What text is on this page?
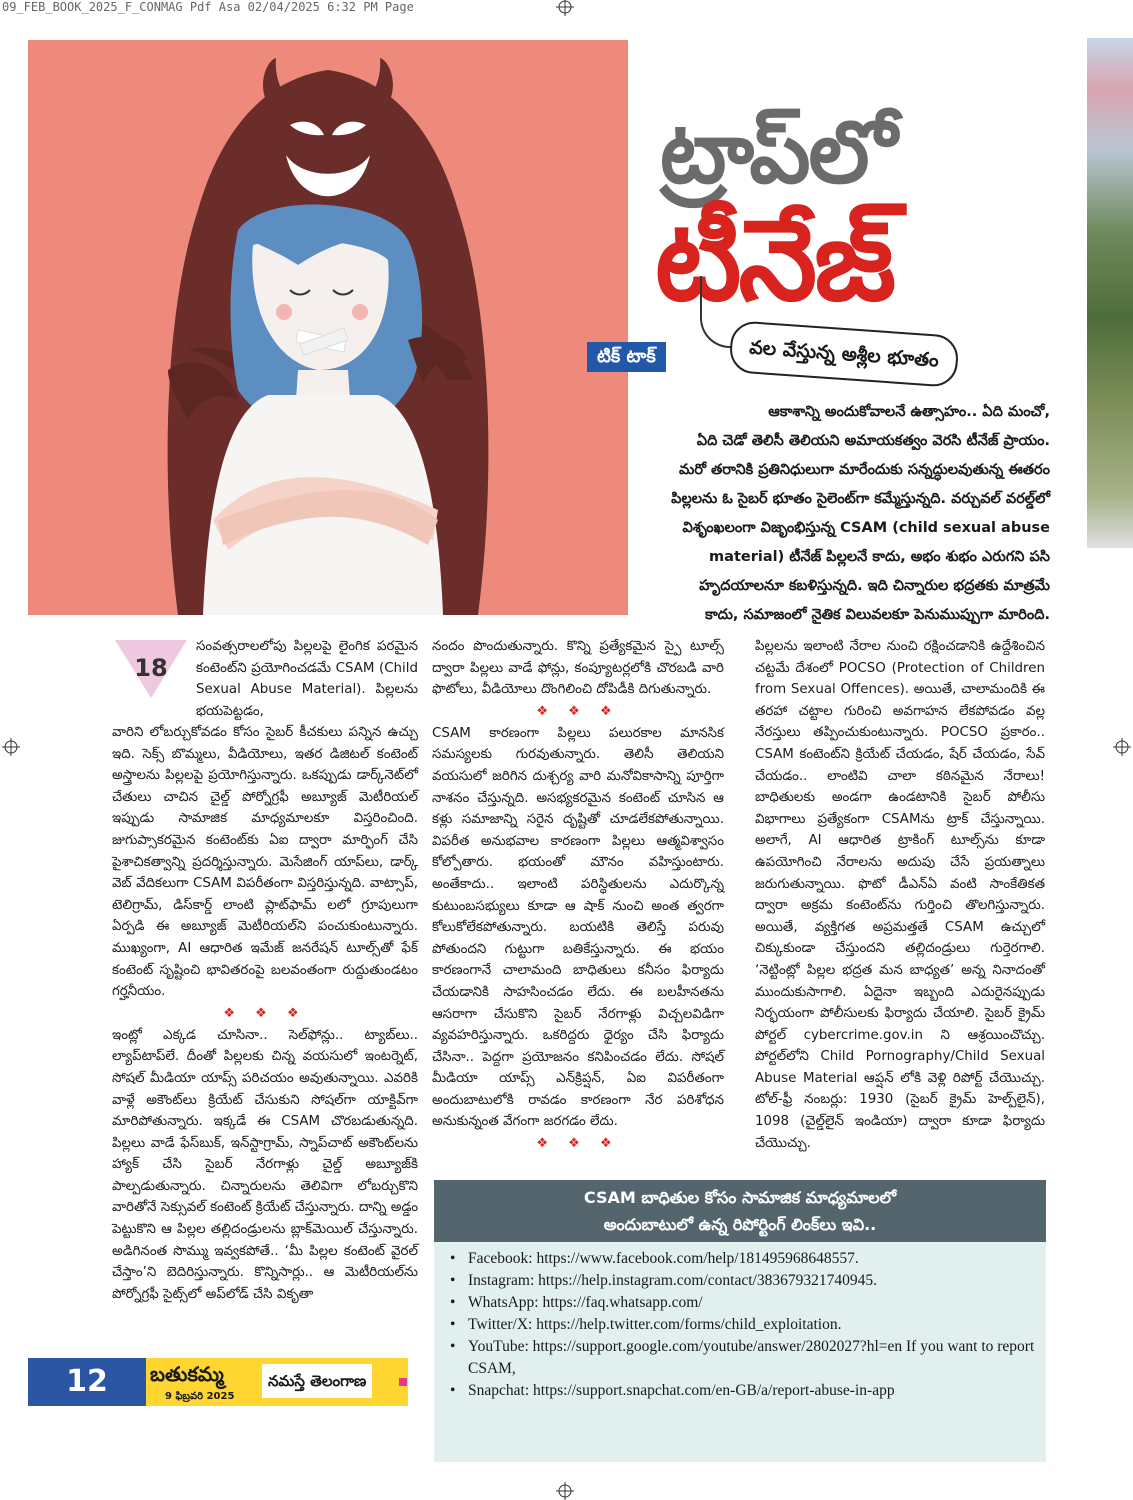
09_FEB_BOOK_2025_F_CONMAG Pdf Asa 02/04/2025 6:32 PM Page
ట్రాప్‌లో
టీనేజ్
టిక్ టాక్	వల వేస్తున్న అశ్లీల భూతం
ఆకాశాన్ని అందుకోవాలనే ఉత్సాహం.. ఏది మంచో,
ఏది చెడో తెలిసీ తెలియని అమాయకత్వం వెరసి టీనేజ్ ప్రాయం.
మరో తరానికి ప్రతినిధులుగా మారేందుకు సన్నద్ధులవుతున్న ఈతరం
పిల్లలను ఓ సైబర్ భూతం సైలెంట్‌గా కమ్మేస్తున్నది. వర్చువల్ వరల్డ్‌లో
విశృంఖలంగా విజృంభిస్తున్న CSAM (child sexual abuse
material) టీనేజ్ పిల్లలనే కాదు, అభం శుభం ఎరుగని పసి
హృదయాలనూ కబళిస్తున్నది. ఇది చిన్నారుల భద్రతకు మాత్రమే
కాదు, సమాజంలో నైతిక విలువలకూ పెనుముప్పుగా మారింది.
18

సంవత్సరాలలోపు పిల్లలపై లైంగిక పరమైన కంటెంట్‌ని ప్రయోగించడమే CSAM (Child Sexual Abuse Material). పిల్లలను భయపెట్టడం,

వారిని లోబర్చుకోవడం కోసం సైబర్ కీచకులు పన్నిన ఉచ్చు ఇది. సెక్స్ బొమ్మలు, వీడియోలు, ఇతర డిజిటల్ కంటెంట్ అస్త్రాలను పిల్లలపై ప్రయోగిస్తున్నారు. ఒకప్పుడు డార్క్‌నెట్‌లో చేతులు చాచిన చైల్డ్ పోర్నోగ్రఫీ అబ్యూజ్ మెటీరియల్ ఇప్పుడు సామాజిక మాధ్యమాలకూ విస్తరించింది. జుగుప్సాకరమైన కంటెంట్‌కు ఏఐ ద్వారా మార్ఫింగ్ చేసి పైశాచికత్వాన్ని ప్రదర్శిస్తున్నారు. మెసేజింగ్ యాప్‌లు, డార్క్ వెబ్ వేదికలుగా CSAM విపరీతంగా విస్తరిస్తున్నది. వాట్సాప్, టెలిగ్రామ్, డిస్‌కార్డ్ లాంటి ప్లాట్‌ఫామ్ లలో గ్రూపులుగా ఏర్పడి ఈ అబ్యూజ్ మెటీరియల్‌ని పంచుకుంటున్నారు. ముఖ్యంగా, AI ఆధారిత ఇమేజ్ జనరేషన్ టూల్స్‌తో ఫేక్ కంటెంట్ సృష్టించి భావితరంపై బలవంతంగా రుద్దుతుండటం గర్హనీయం.

❖ ❖ ❖

ఇంట్లో ఎక్కడ చూసినా.. సెల్‌ఫోన్లు.. ట్యాబ్‌లు.. ల్యాప్‌టాప్‌లే. దీంతో పిల్లలకు చిన్న వయసులో ఇంటర్నెట్, సోషల్ మీడియా యాప్స్ పరిచయం అవుతున్నాయి. ఎవరికి వాళ్లే అకౌంట్‌లు క్రియేట్ చేసుకుని సోషల్‌గా యాక్టివ్‌గా మారిపోతున్నారు. ఇక్కడే ఈ CSAM చొరబడుతున్నది. పిల్లలు వాడే ఫేస్‌బుక్, ఇన్‌స్టాగ్రామ్, స్నాప్‌చాట్ అకౌంట్‌లను హ్యాక్ చేసి సైబర్ నేరగాళ్లు చైల్డ్ అబ్యూజ్‌కి పాల్పడుతున్నారు. చిన్నారులను తెలివిగా లోబర్చుకొని వారితోనే సెక్సువల్ కంటెంట్ క్రియేట్ చేస్తున్నారు. దాన్ని అడ్డం పెట్టుకొని ఆ పిల్లల తల్లిదండ్రులను బ్లాక్‌మెయిల్ చేస్తున్నారు. అడిగినంత సొమ్ము ఇవ్వకపోతే.. ‘మీ పిల్లల కంటెంట్ వైరల్ చేస్తాం’ని బెదిరిస్తున్నారు. కొన్నిసార్లు.. ఆ మెటీరియల్‌ను పోర్నోగ్రఫీ సైట్స్‌లో అప్‌లోడ్ చేసి వికృతా

నందం పొందుతున్నారు. కొన్ని ప్రత్యేకమైన స్పై టూల్స్ ద్వారా పిల్లలు వాడే ఫోన్లు, కంప్యూటర్లలోకి చొరబడి వారి ఫొటోలు, వీడియోలు దొంగిలించి దోపిడీకి దిగుతున్నారు.

❖ ❖ ❖

CSAM కారణంగా పిల్లలు పలురకాల మానసిక సమస్యలకు గురవుతున్నారు. తెలిసీ తెలియని వయసులో జరిగిన దుశ్చర్య వారి మనోవికాసాన్ని పూర్తిగా నాశనం చేస్తున్నది. అసభ్యకరమైన కంటెంట్ చూసిన ఆ కళ్లు సమాజాన్ని సరైన దృష్టితో చూడలేకపోతున్నాయి. విపరీత అనుభవాల కారణంగా పిల్లలు ఆత్మవిశ్వాసం కోల్పోతారు. భయంతో మౌనం వహిస్తుంటారు. అంతేకాదు.. ఇలాంటి పరిస్థితులను ఎదుర్కొన్న కుటుంబసభ్యులు కూడా ఆ షాక్ నుంచి అంత త్వరగా కోలుకోలేకపోతున్నారు. బయటికి తెలిస్తే పరువు పోతుందని గుట్టుగా బతికేస్తున్నారు. ఈ భయం కారణంగానే చాలామంది బాధితులు కనీసం ఫిర్యాదు చేయడానికి సాహసించడం లేదు. ఈ బలహీనతను ఆసరాగా చేసుకొని సైబర్ నేరగాళ్లు విచ్చలవిడిగా వ్యవహరిస్తున్నారు. ఒకరిద్దరు ధైర్యం చేసి ఫిర్యాదు చేసినా.. పెద్దగా ప్రయోజనం కనిపించడం లేదు. సోషల్ మీడియా యాప్స్ ఎన్‌క్రిప్షన్, ఏఐ విపరీతంగా అందుబాటులోకి రావడం కారణంగా నేర పరిశోధన అనుకున్నంత వేగంగా జరగడం లేదు.

❖ ❖ ❖

పిల్లలను ఇలాంటి నేరాల నుంచి రక్షించడానికి ఉద్దేశించిన చట్టమే దేశంలో POCSO (Protection of Children from Sexual Offences). అయితే, చాలామందికి ఈ తరహా చట్టాల గురించి అవగాహన లేకపోవడం వల్ల నేరస్తులు తప్పించుకుంటున్నారు. POCSO ప్రకారం.. CSAM కంటెంట్‌ని క్రియేట్ చేయడం, షేర్ చేయడం, సేవ్ చేయడం.. లాంటివి చాలా కఠినమైన నేరాలు! బాధితులకు అండగా ఉండటానికి సైబర్ పోలీసు విభాగాలు ప్రత్యేకంగా CSAMను ట్రాక్ చేస్తున్నాయి. అలాగే, AI ఆధారిత ట్రాకింగ్ టూల్స్‌ను కూడా ఉపయోగించి నేరాలను అదుపు చేసే ప్రయత్నాలు జరుగుతున్నాయి. ఫొటో డీఎన్ఏ వంటి సాంకేతికత ద్వారా అక్రమ కంటెంట్‌ను గుర్తించి తొలగిస్తున్నారు. అయితే, వ్యక్తిగత అప్రమత్తతే CSAM ఉచ్చులో చిక్కుకుండా చేస్తుందని తల్లిదండ్రులు గుర్తెరగాలి. ‘నెట్టింట్లో పిల్లల భద్రత మన బాధ్యత’ అన్న నినాదంతో ముందుకుసాగాలి. ఏదైనా ఇబ్బంది ఎదురైనప్పుడు నిర్భయంగా పోలీసులకు ఫిర్యాదు చేయాలి. సైబర్ క్రైమ్ పోర్టల్ cybercrime.gov.in ని ఆశ్రయించొచ్చు. పోర్టల్‌లోని Child Pornography/Child Sexual Abuse Material ఆప్షన్ లోకి వెళ్లి రిపోర్ట్ చేయొచ్చు. టోల్-ఫ్రీ నంబర్లు: 1930 (సైబర్ క్రైమ్ హెల్ప్‌లైన్), 1098 (చైల్డ్‌లైన్ ఇండియా) ద్వారా కూడా ఫిర్యాదు చేయొచ్చు.

CSAM బాధితుల కోసం సామాజిక మాధ్యమాలలో
అందుబాటులో ఉన్న రిపోర్టింగ్ లింక్‌లు ఇవి..
• Facebook: https://www.facebook.com/help/181495968648557.
• Instagram: https://help.instagram.com/contact/383679321740945.
• WhatsApp: https://faq.whatsapp.com/
• Twitter/X: https://help.twitter.com/forms/child_exploitation.
• YouTube: https://support.google.com/youtube/answer/2802027?hl=en If you want to report CSAM,
• Snapchat: https://support.snapchat.com/en-GB/a/report-abuse-in-app
12	బతుకమ్మ
9 ఫిబ్రవరి 2025
నమస్తే తెలంగాణ
